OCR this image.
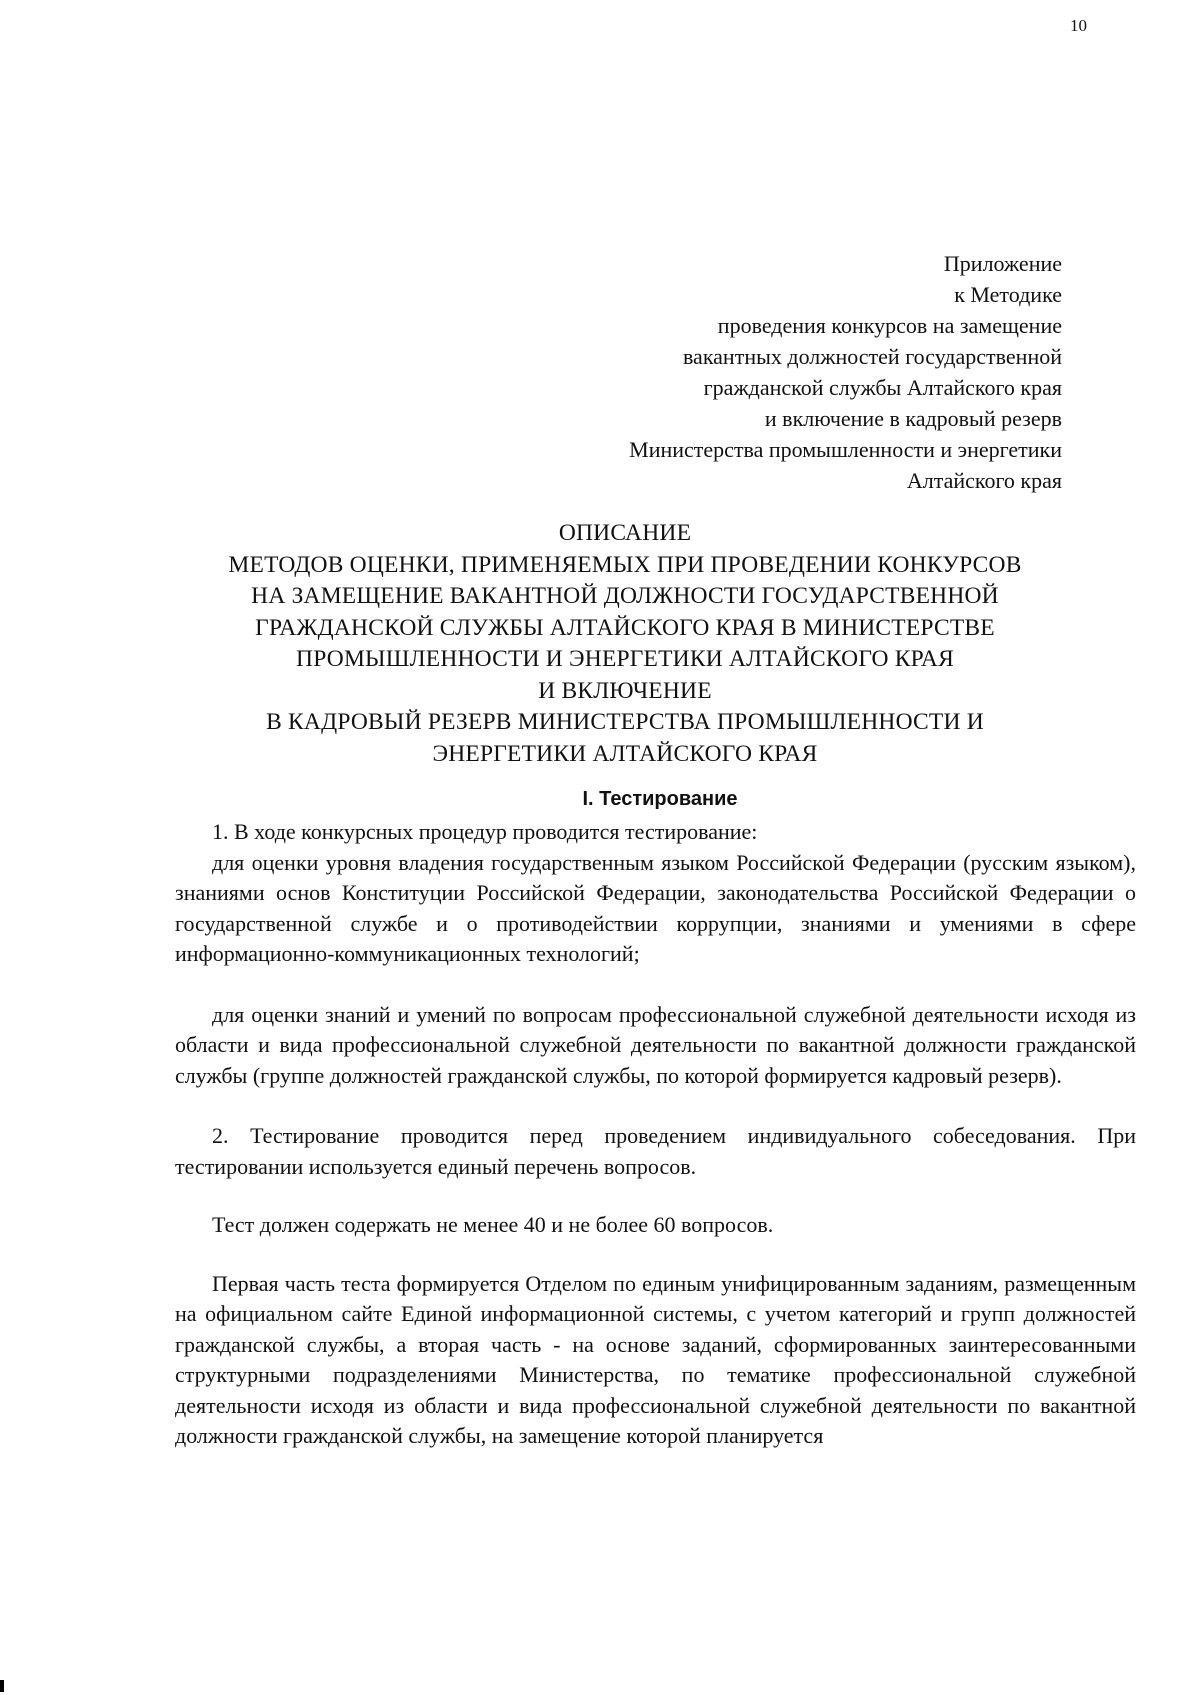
10
Приложение
к Методике
проведения конкурсов на замещение
вакантных должностей государственной
гражданской службы Алтайского края
и включение в кадровый резерв
Министерства промышленности и энергетики
Алтайского края
ОПИСАНИЕ
МЕТОДОВ ОЦЕНКИ, ПРИМЕНЯЕМЫХ ПРИ ПРОВЕДЕНИИ КОНКУРСОВ
НА ЗАМЕЩЕНИЕ ВАКАНТНОЙ ДОЛЖНОСТИ ГОСУДАРСТВЕННОЙ
ГРАЖДАНСКОЙ СЛУЖБЫ АЛТАЙСКОГО КРАЯ В МИНИСТЕРСТВЕ
ПРОМЫШЛЕННОСТИ И ЭНЕРГЕТИКИ АЛТАЙСКОГО КРАЯ
И ВКЛЮЧЕНИЕ
В КАДРОВЫЙ РЕЗЕРВ МИНИСТЕРСТВА ПРОМЫШЛЕННОСТИ И
ЭНЕРГЕТИКИ АЛТАЙСКОГО КРАЯ
I. Тестирование

1. В ходе конкурсных процедур проводится тестирование:

для оценки уровня владения государственным языком Российской Федерации (русским языком), знаниями основ Конституции Российской Федерации, законодательства Российской Федерации о государственной службе и о противодействии коррупции, знаниями и умениями в сфере информационно-коммуникационных технологий;

для оценки знаний и умений по вопросам профессиональной служебной деятельности исходя из области и вида профессиональной служебной деятельности по вакантной должности гражданской службы (группе должностей гражданской службы, по которой формируется кадровый резерв).

2. Тестирование проводится перед проведением индивидуального собеседования. При тестировании используется единый перечень вопросов.

Тест должен содержать не менее 40 и не более 60 вопросов.

Первая часть теста формируется Отделом по единым унифицированным заданиям, размещенным на официальном сайте Единой информационной системы, с учетом категорий и групп должностей гражданской службы, а вторая часть - на основе заданий, сформированных заинтересованными структурными подразделениями Министерства, по тематике профессиональной служебной деятельности исходя из области и вида профессиональной служебной деятельности по вакантной должности гражданской службы, на замещение которой планируется
